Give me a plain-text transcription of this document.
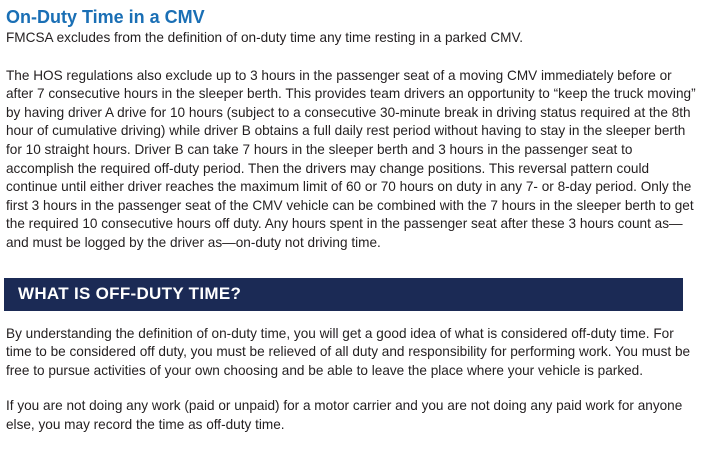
On-Duty Time in a CMV

FMCSA excludes from the definition of on-duty time any time resting in a parked CMV.

The HOS regulations also exclude up to 3 hours in the passenger seat of a moving CMV immediately before or after 7 consecutive hours in the sleeper berth. This provides team drivers an opportunity to “keep the truck moving” by having driver A drive for 10 hours (subject to a consecutive 30-minute break in driving status required at the 8th hour of cumulative driving) while driver B obtains a full daily rest period without having to stay in the sleeper berth for 10 straight hours. Driver B can take 7 hours in the sleeper berth and 3 hours in the passenger seat to accomplish the required off-duty period. Then the drivers may change positions. This reversal pattern could continue until either driver reaches the maximum limit of 60 or 70 hours on duty in any 7- or 8-day period. Only the first 3 hours in the passenger seat of the CMV vehicle can be combined with the 7 hours in the sleeper berth to get the required 10 consecutive hours off duty. Any hours spent in the passenger seat after these 3 hours count as—and must be logged by the driver as—on-duty not driving time.

WHAT IS OFF-DUTY TIME?

By understanding the definition of on-duty time, you will get a good idea of what is considered off-duty time. For time to be considered off duty, you must be relieved of all duty and responsibility for performing work. You must be free to pursue activities of your own choosing and be able to leave the place where your vehicle is parked.

If you are not doing any work (paid or unpaid) for a motor carrier and you are not doing any paid work for anyone else, you may record the time as off-duty time.
